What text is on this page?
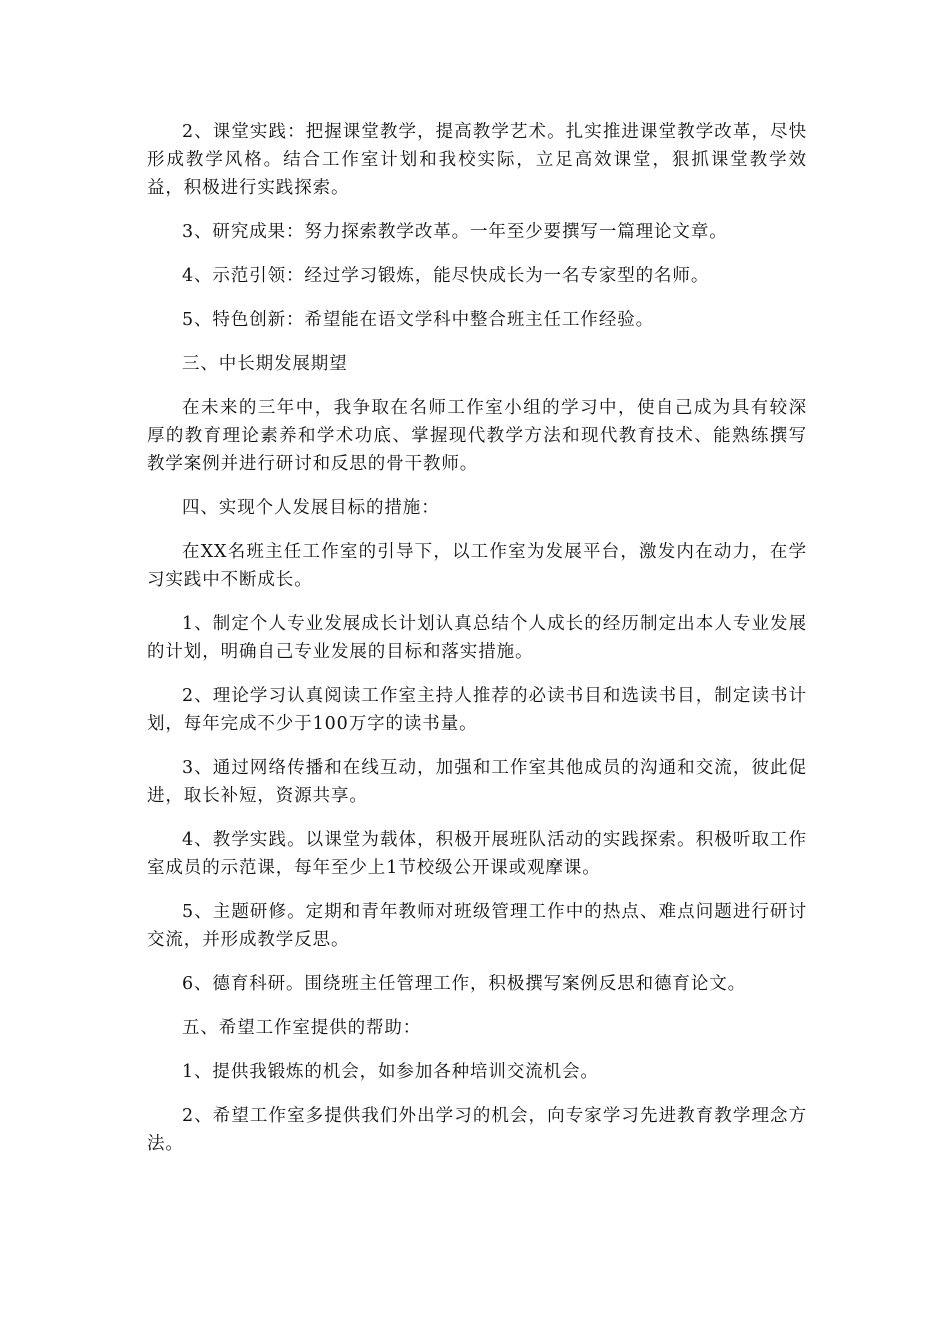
2、课堂实践：把握课堂教学，提高教学艺术。扎实推进课堂教学改革，尽快形成教学风格。结合工作室计划和我校实际，立足高效课堂，狠抓课堂教学效益，积极进行实践探索。

3、研究成果：努力探索教学改革。一年至少要撰写一篇理论文章。

4、示范引领：经过学习锻炼，能尽快成长为一名专家型的名师。

5、特色创新：希望能在语文学科中整合班主任工作经验。

三、中长期发展期望

在未来的三年中，我争取在名师工作室小组的学习中，使自己成为具有较深厚的教育理论素养和学术功底、掌握现代教学方法和现代教育技术、能熟练撰写教学案例并进行研讨和反思的骨干教师。

四、实现个人发展目标的措施：

在XX名班主任工作室的引导下，以工作室为发展平台，激发内在动力，在学习实践中不断成长。

1、制定个人专业发展成长计划认真总结个人成长的经历制定出本人专业发展的计划，明确自己专业发展的目标和落实措施。

2、理论学习认真阅读工作室主持人推荐的必读书目和选读书目，制定读书计划，每年完成不少于100万字的读书量。

3、通过网络传播和在线互动，加强和工作室其他成员的沟通和交流，彼此促进，取长补短，资源共享。

4、教学实践。以课堂为载体，积极开展班队活动的实践探索。积极听取工作室成员的示范课，每年至少上1节校级公开课或观摩课。

5、主题研修。定期和青年教师对班级管理工作中的热点、难点问题进行研讨交流，并形成教学反思。

6、德育科研。围绕班主任管理工作，积极撰写案例反思和德育论文。

五、希望工作室提供的帮助：

1、提供我锻炼的机会，如参加各种培训交流机会。

2、希望工作室多提供我们外出学习的机会，向专家学习先进教育教学理念方法。
